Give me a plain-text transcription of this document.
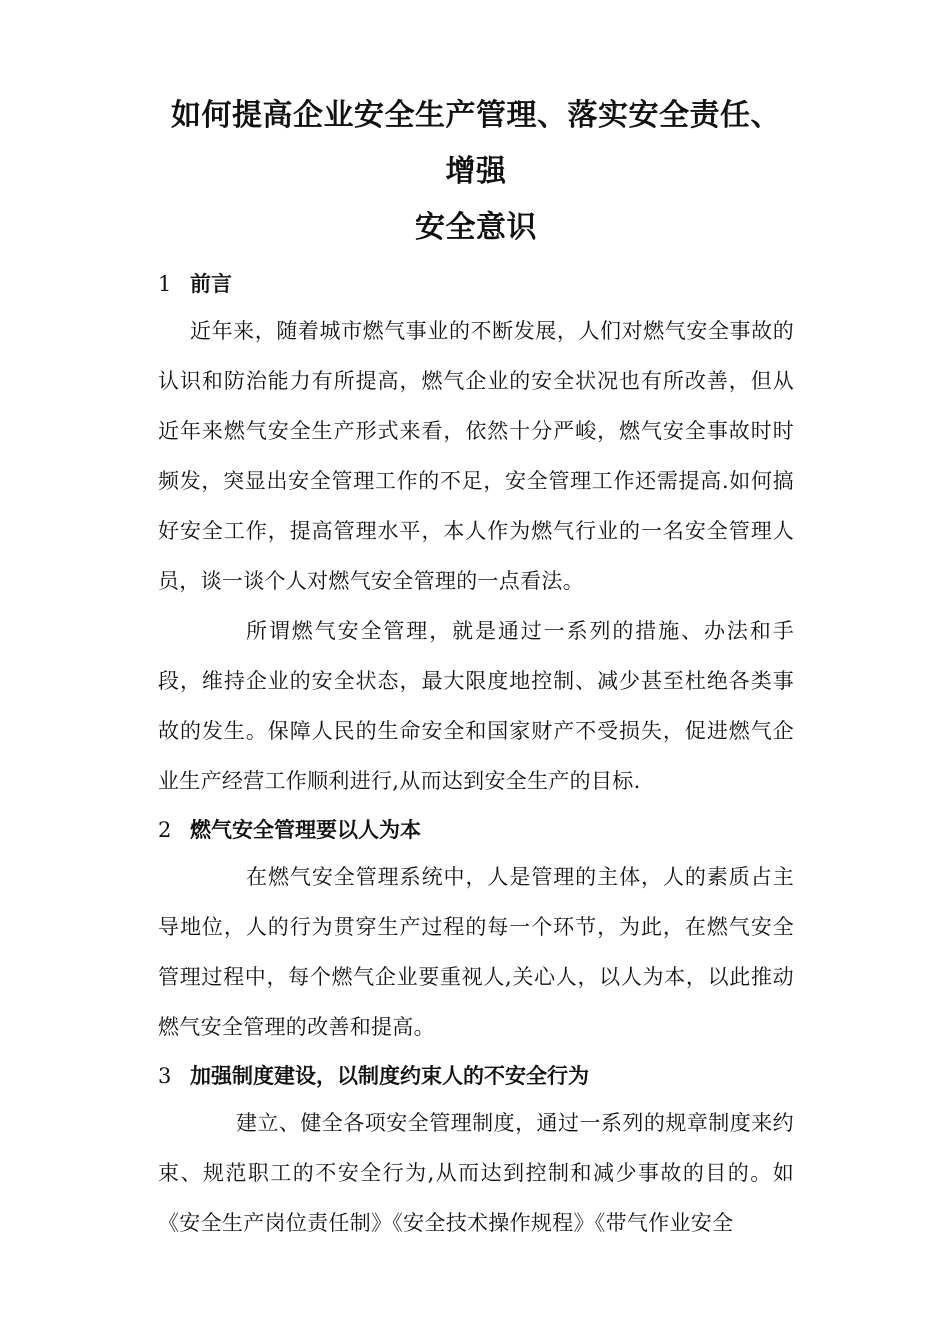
如何提高企业安全生产管理、落实安全责任、增强
安全意识
1 前言

近年来，随着城市燃气事业的不断发展，人们对燃气安全事故的认识和防治能力有所提高，燃气企业的安全状况也有所改善，但从近年来燃气安全生产形式来看，依然十分严峻，燃气安全事故时时频发，突显出安全管理工作的不足，安全管理工作还需提高.如何搞好安全工作，提高管理水平，本人作为燃气行业的一名安全管理人员，谈一谈个人对燃气安全管理的一点看法。

所谓燃气安全管理，就是通过一系列的措施、办法和手段，维持企业的安全状态，最大限度地控制、减少甚至杜绝各类事故的发生。保障人民的生命安全和国家财产不受损失，促进燃气企业生产经营工作顺利进行,从而达到安全生产的目标.

2 燃气安全管理要以人为本

在燃气安全管理系统中，人是管理的主体，人的素质占主导地位，人的行为贯穿生产过程的每一个环节，为此，在燃气安全管理过程中，每个燃气企业要重视人,关心人，以人为本，以此推动燃气安全管理的改善和提高。

3 加强制度建设，以制度约束人的不安全行为

建立、健全各项安全管理制度，通过一系列的规章制度来约束、规范职工的不安全行为,从而达到控制和减少事故的目的。如《安全生产岗位责任制》《安全技术操作规程》《带气作业安全
